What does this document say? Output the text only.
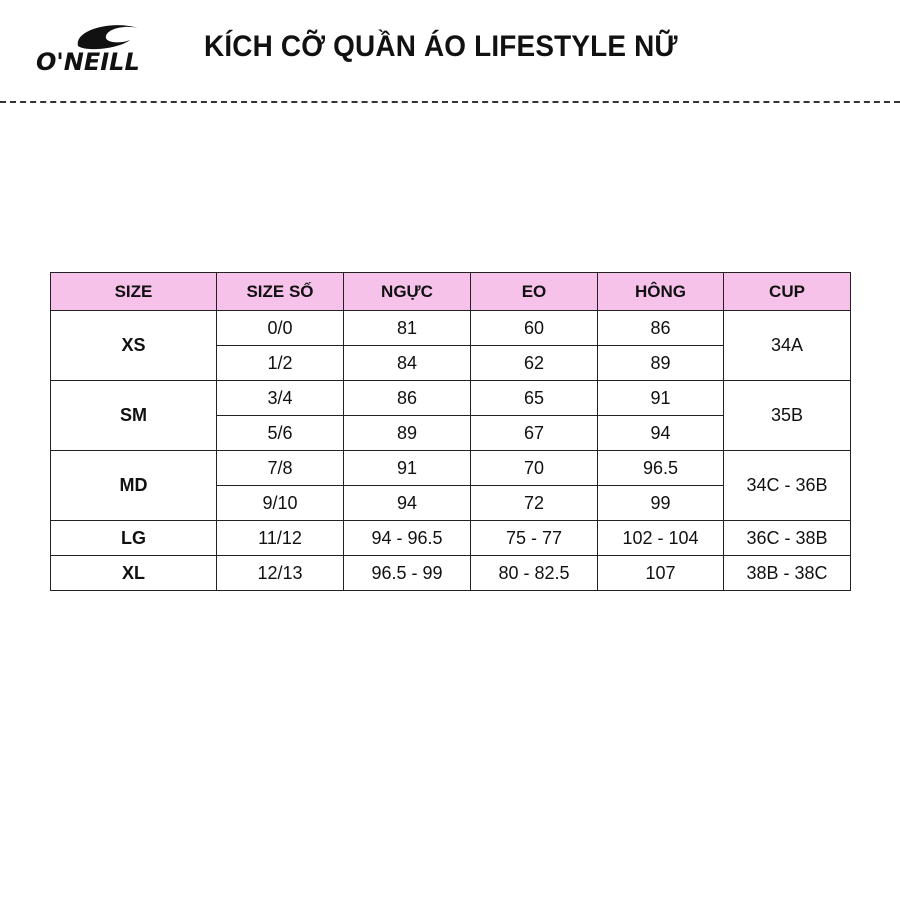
O'NEILL KÍCH CỠ QUẦN ÁO LIFESTYLE NỮ
SIZE	SIZE SỐ	NGỰC	EO	HÔNG	CUP
XS	0/0	81	60	86	34A
	1/2	84	62	89	
SM	3/4	86	65	91	35B
	5/6	89	67	94	
MD	7/8	91	70	96.5	34C - 36B
	9/10	94	72	99	
LG	11/12	94 - 96.5	75 - 77	102 - 104	36C - 38B
XL	12/13	96.5 - 99	80 - 82.5	107	38B - 38C
